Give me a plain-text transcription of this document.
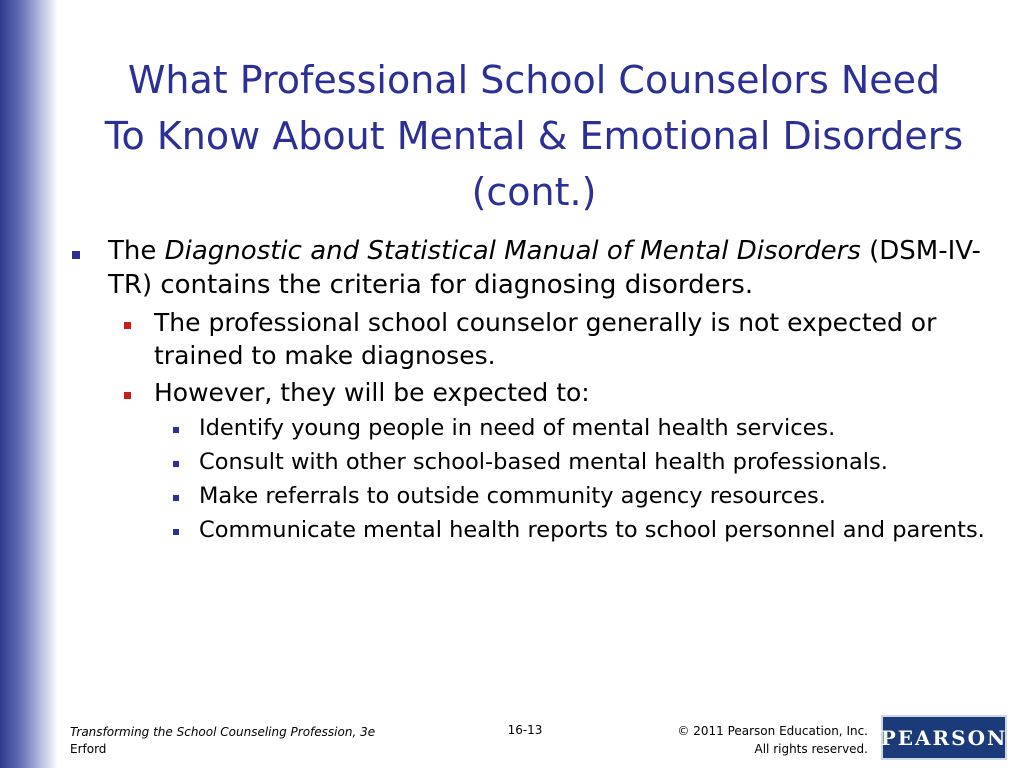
What Professional School Counselors Need
To Know About Mental & Emotional Disorders
(cont.)
The Diagnostic and Statistical Manual of Mental Disorders (DSM-IV-TR) contains the criteria for diagnosing disorders.
The professional school counselor generally is not expected or trained to make diagnoses.
However, they will be expected to:
Identify young people in need of mental health services.
Consult with other school-based mental health professionals.
Make referrals to outside community agency resources.
Communicate mental health reports to school personnel and parents.
Transforming the School Counseling Profession, 3e
Erford
16-13	© 2011 Pearson Education, Inc.
All rights reserved. PEARSON
